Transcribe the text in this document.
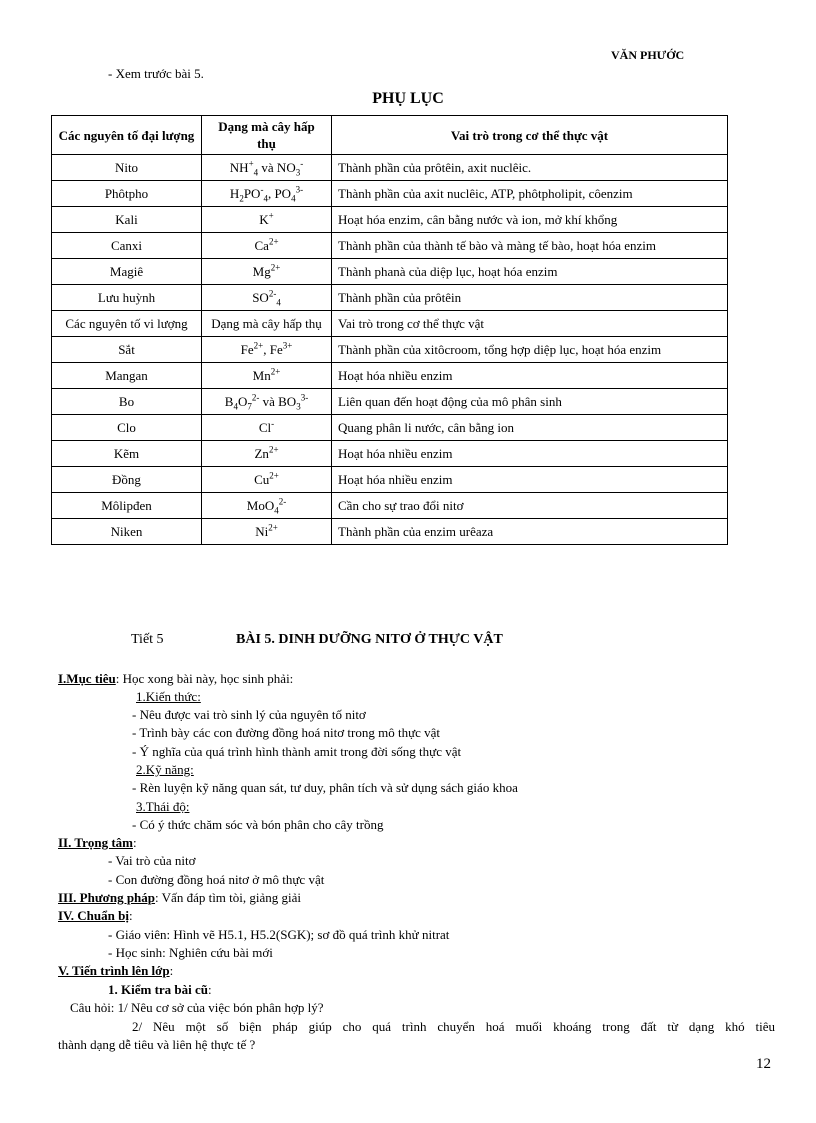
VĂN PHƯỚC
- Xem trước bài 5.
PHỤ LỤC
Các nguyên tố đại lượng	Dạng mà cây hấp thụ	Vai trò trong cơ thể thực vật
Nito	$NH^+_4$ và $NO_3^-$	Thành phần của prôtêin, axit nuclêic.
Phôtpho	$H_2PO^-_4$, $PO_4^{3-}$	Thành phần của axit nuclêic, ATP, phôtpholipit, côenzim
Kali	K+	Hoạt hóa enzim, cân bằng nước và ion, mở khí khổng
Canxi	$Ca^{2+}$	Thành phần của thành tế bào và màng tế bào, hoạt hóa enzim
Magiê	$Mg^{2+}$	Thành phanà của diệp lục, hoạt hóa enzim
Lưu huỳnh	$SO^{2-}_4$	Thành phần của prôtêin
Các nguyên tố vi lượng	Dạng mà cây hấp thụ	Vai trò trong cơ thể thực vật
Sắt	$Fe^{2+}$, $Fe^{3+}$	Thành phần của xitôcroom, tổng hợp diệp lục, hoạt hóa enzim
Mangan	$Mn^{2+}$	Hoạt hóa nhiều enzim
Bo	$B_4O_7^{2-}$ và $BO_3^{3-}$	Liên quan đến hoạt động của mô phân sinh
Clo	Cl-	Quang phân li nước, cân bằng ion
Kẽm	$Zn^{2+}$	Hoạt hóa nhiều enzim
Đồng	$Cu^{2+}$	Hoạt hóa nhiều enzim
Môlipđen	MoO$_4^{2-}$	Cần cho sự trao đổi nitơ
Niken	$Ni^{2+}$	Thành phần của enzim urêaza
Tiết 5	BÀI 5. DINH DƯỠNG NITƠ Ở THỰC VẬT
I.Mục tiêu: Học xong bài này, học sinh phải:
1.Kiến thức:
- Nêu được vai trò sinh lý của nguyên tố nitơ
- Trình bày các con đường đồng hoá nitơ trong mô thực vật
- Ý nghĩa của quá trình hình thành amit trong đời sống thực vật
2.Kỹ năng:
- Rèn luyện kỹ năng quan sát, tư duy, phân tích và sử dụng sách giáo khoa
3.Thái độ:
- Có ý thức chăm sóc và bón phân cho cây trồng
II. Trọng tâm:
- Vai trò của nitơ
- Con đường đồng hoá nitơ ở mô thực vật
III. Phương pháp: Vấn đáp tìm tòi, giảng giải
IV. Chuẩn bị:
- Giáo viên: Hình vẽ H5.1, H5.2(SGK); sơ đồ quá trình khử nitrat
- Học sinh: Nghiên cứu bài mới
V. Tiến trình lên lớp:
1. Kiểm tra bài cũ:
Câu hỏi: 1/ Nêu cơ sở của việc bón phân hợp lý?
2/ Nêu một số biện pháp giúp cho quá trình chuyển hoá muối khoáng trong đất từ dạng khó tiêu
thành dạng dễ tiêu và liên hệ thực tế ?
12
